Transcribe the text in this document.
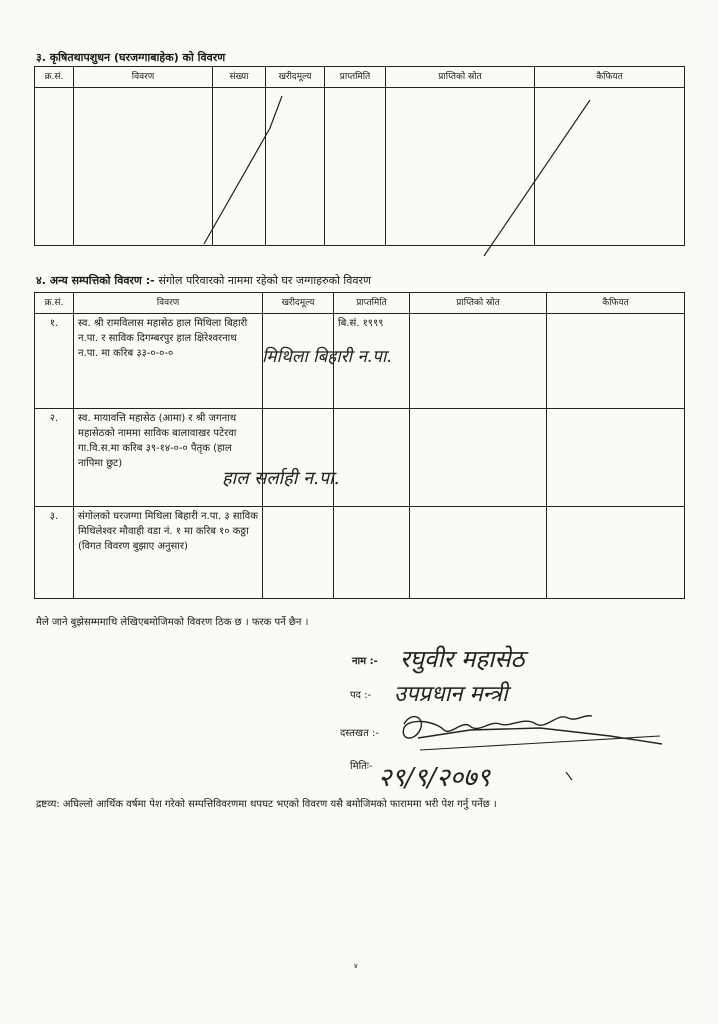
३. कृषितथापशुधन (घरजग्गाबाहेक) को विवरण
क्र.सं.	विवरण	संख्या	खरीदमूल्य	प्राप्तमिति	प्राप्तिको स्रोत	कैफियत

४. अन्य सम्पत्तिको विवरण :- संगोल परिवारको नाममा रहेको घर जग्गाहरुको विवरण
क्र.सं.	विवरण	खरीदमूल्य	प्राप्तमिति	प्राप्तिको स्रोत	कैफियत
१.	स्व. श्री रामविलास महासेठ हाल मिथिला बिहारी न.पा. र साविक दिगम्बरपुर हाल क्षिरेश्वरनाथ न.पा. मा करिब ३३-०-०-०		बि.सं. १९९९		
२.	स्व. मायावत्ति महासेठ (आमा) र श्री जगनाथ महासेठको नाममा साविक बालावाखर पटेरवा गा.वि.स.मा करिब ३९-१४-०-० पैतृक (हाल नापिमा छुट)				
३.	संगोलको घरजग्गा मिथिला बिहारी न.पा. ३ साविक मिथिलेश्वर मौवाही वडा नं. १ मा करिब १० कठ्ठा (विगत विवरण बुझाए अनुसार)				
मिथिला बिहारी न.पा.
हाल सर्लाही न.पा.
मैले जाने बुझेसम्ममाथि लेखिएबमोजिमको विवरण ठिक छ । फरक पर्ने छैन ।
नाम :- रघुवीर महासेठ
पद :- उपप्रधान मन्त्री
दस्तखत :-
मितिः- २९/९/२०७९
द्रष्टव्य: अघिल्लो आर्थिक वर्षमा पेश गरेको सम्पत्तिविवरणमा थपघट भएको विवरण यसै बमोजिमको फाराममा भरी पेश गर्नु पर्नेछ ।
४
